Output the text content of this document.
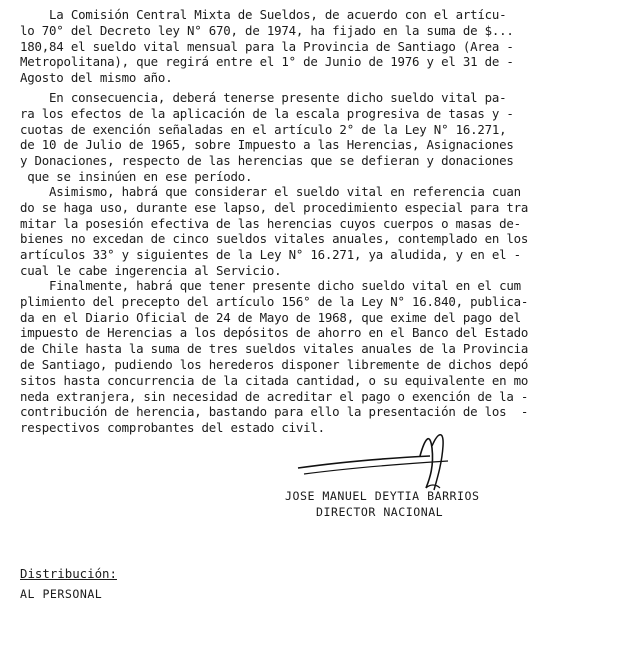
La Comisión Central Mixta de Sueldos, de acuerdo con el artícu-
lo 70° del Decreto ley N° 670, de 1974, ha fijado en la suma de $...
180,84 el sueldo vital mensual para la Provincia de Santiago (Area -
Metropolitana), que regirá entre el 1° de Junio de 1976 y el 31 de -
Agosto del mismo año.
En consecuencia, deberá tenerse presente dicho sueldo vital pa-
ra los efectos de la aplicación de la escala progresiva de tasas y -
cuotas de exención señaladas en el artículo 2° de la Ley N° 16.271,
de 10 de Julio de 1965, sobre Impuesto a las Herencias, Asignaciones
y Donaciones, respecto de las herencias que se defieran y donaciones
que se insinúen en ese período.
Asimismo, habrá que considerar el sueldo vital en referencia cuan
do se haga uso, durante ese lapso, del procedimiento especial para tra
mitar la posesión efectiva de las herencias cuyos cuerpos o masas de-
bienes no excedan de cinco sueldos vitales anuales, contemplado en los
artículos 33° y siguientes de la Ley N° 16.271, ya aludida, y en el -
cual le cabe ingerencia al Servicio.
Finalmente, habrá que tener presente dicho sueldo vital en el cum
plimiento del precepto del artículo 156° de la Ley N° 16.840, publica-
da en el Diario Oficial de 24 de Mayo de 1968, que exime del pago del
impuesto de Herencias a los depósitos de ahorro en el Banco del Estado
de Chile hasta la suma de tres sueldos vitales anuales de la Provincia
de Santiago, pudiendo los herederos disponer libremente de dichos depó
sitos hasta concurrencia de la citada cantidad, o su equivalente en mo
neda extranjera, sin necesidad de acreditar el pago o exención de la -
contribución de herencia, bastando para ello la presentación de los  -
respectivos comprobantes del estado civil.
JOSE MANUEL DEYTIA BARRIOS
DIRECTOR NACIONAL
Distribución:
AL PERSONAL
